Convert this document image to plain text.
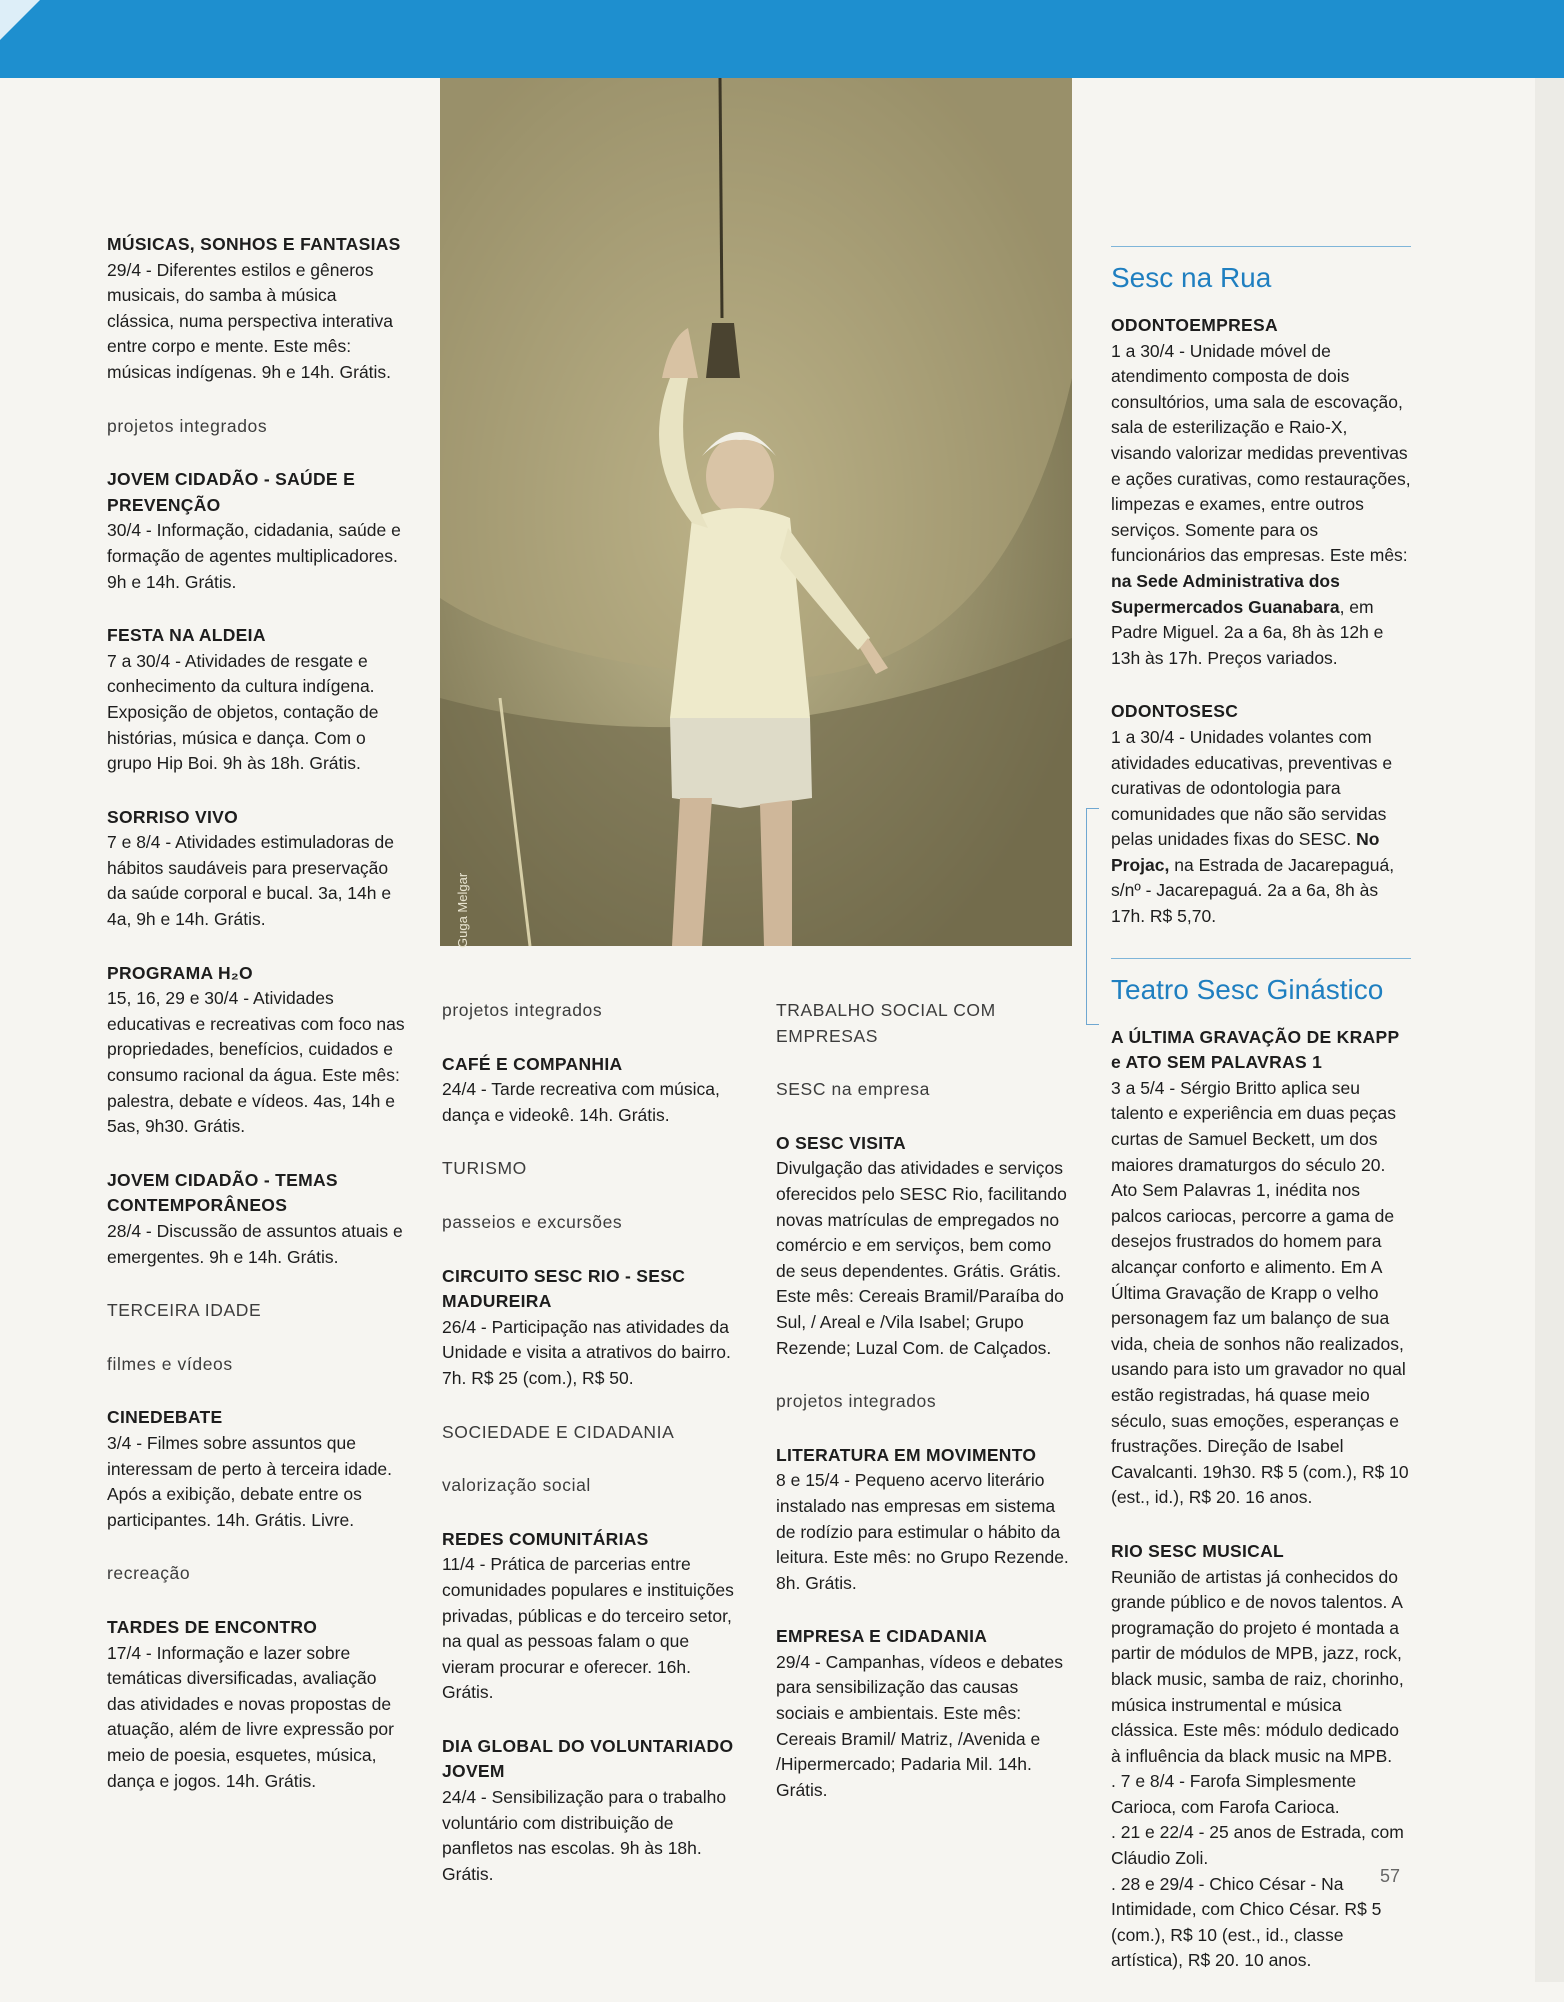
Guga Melgar
MÚSICAS, SONHOS E FANTASIAS
29/4 - Diferentes estilos e gêneros musicais, do samba à música clássica, numa perspectiva interativa entre corpo e mente. Este mês: músicas indígenas. 9h e 14h. Grátis.
projetos integrados
JOVEM CIDADÃO - SAÚDE E PREVENÇÃO
30/4 - Informação, cidadania, saúde e formação de agentes multiplicadores. 9h e 14h. Grátis.
FESTA NA ALDEIA
7 a 30/4 - Atividades de resgate e conhecimento da cultura indígena. Exposição de objetos, contação de histórias, música e dança. Com o grupo Hip Boi. 9h às 18h. Grátis.
SORRISO VIVO
7 e 8/4 - Atividades estimuladoras de hábitos saudáveis para preservação da saúde corporal e bucal. 3a, 14h e 4a, 9h e 14h. Grátis.
PROGRAMA H₂O
15, 16, 29 e 30/4 - Atividades educativas e recreativas com foco nas propriedades, benefícios, cuidados e consumo racional da água. Este mês: palestra, debate e vídeos. 4as, 14h e 5as, 9h30. Grátis.
JOVEM CIDADÃO - TEMAS CONTEMPORÂNEOS
28/4 - Discussão de assuntos atuais e emergentes. 9h e 14h. Grátis.
TERCEIRA IDADE
filmes e vídeos
CINEDEBATE
3/4 - Filmes sobre assuntos que interessam de perto à terceira idade. Após a exibição, debate entre os participantes. 14h. Grátis. Livre.
recreação
TARDES DE ENCONTRO
17/4 - Informação e lazer sobre temáticas diversificadas, avaliação das atividades e novas propostas de atuação, além de livre expressão por meio de poesia, esquetes, música, dança e jogos. 14h. Grátis.
projetos integrados
CAFÉ E COMPANHIA
24/4 - Tarde recreativa com música, dança e videokê. 14h. Grátis.
TURISMO
passeios e excursões
CIRCUITO SESC RIO - SESC MADUREIRA
26/4 - Participação nas atividades da Unidade e visita a atrativos do bairro. 7h. R$ 25 (com.), R$ 50.
SOCIEDADE E CIDADANIA
valorização social
REDES COMUNITÁRIAS
11/4 - Prática de parcerias entre comunidades populares e instituições privadas, públicas e do terceiro setor, na qual as pessoas falam o que vieram procurar e oferecer. 16h. Grátis.
DIA GLOBAL DO VOLUNTARIADO JOVEM
24/4 - Sensibilização para o trabalho voluntário com distribuição de panfletos nas escolas. 9h às 18h. Grátis.
TRABALHO SOCIAL COM EMPRESAS
SESC na empresa
O SESC VISITA
Divulgação das atividades e serviços oferecidos pelo SESC Rio, facilitando novas matrículas de empregados no comércio e em serviços, bem como de seus dependentes. Grátis. Grátis. Este mês: Cereais Bramil/Paraíba do Sul, / Areal e /Vila Isabel; Grupo Rezende; Luzal Com. de Calçados.
projetos integrados
LITERATURA EM MOVIMENTO
8 e 15/4 - Pequeno acervo literário instalado nas empresas em sistema de rodízio para estimular o hábito da leitura. Este mês: no Grupo Rezende. 8h. Grátis.
EMPRESA E CIDADANIA
29/4 - Campanhas, vídeos e debates para sensibilização das causas sociais e ambientais. Este mês: Cereais Bramil/ Matriz, /Avenida e /Hipermercado; Padaria Mil. 14h. Grátis.
Sesc na Rua
ODONTOEMPRESA
1 a 30/4 - Unidade móvel de atendimento composta de dois consultórios, uma sala de escovação, sala de esterilização e Raio-X, visando valorizar medidas preventivas e ações curativas, como restaurações, limpezas e exames, entre outros serviços. Somente para os funcionários das empresas. Este mês: na Sede Administrativa dos Supermercados Guanabara, em Padre Miguel. 2a a 6a, 8h às 12h e 13h às 17h. Preços variados.
ODONTOSESC
1 a 30/4 - Unidades volantes com atividades educativas, preventivas e curativas de odontologia para comunidades que não são servidas pelas unidades fixas do SESC. No Projac, na Estrada de Jacarepaguá, s/nº - Jacarepaguá. 2a a 6a, 8h às 17h. R$ 5,70.
Teatro Sesc Ginástico
A ÚLTIMA GRAVAÇÃO DE KRAPP e ATO SEM PALAVRAS 1
3 a 5/4 - Sérgio Britto aplica seu talento e experiência em duas peças curtas de Samuel Beckett, um dos maiores dramaturgos do século 20. Ato Sem Palavras 1, inédita nos palcos cariocas, percorre a gama de desejos frustrados do homem para alcançar conforto e alimento. Em A Última Gravação de Krapp o velho personagem faz um balanço de sua vida, cheia de sonhos não realizados, usando para isto um gravador no qual estão registradas, há quase meio século, suas emoções, esperanças e frustrações. Direção de Isabel Cavalcanti. 19h30. R$ 5 (com.), R$ 10 (est., id.), R$ 20. 16 anos.
RIO SESC MUSICAL
Reunião de artistas já conhecidos do grande público e de novos talentos. A programação do projeto é montada a partir de módulos de MPB, jazz, rock, black music, samba de raiz, chorinho, música instrumental e música clássica. Este mês: módulo dedicado à influência da black music na MPB.
. 7 e 8/4 - Farofa Simplesmente Carioca, com Farofa Carioca.
. 21 e 22/4 - 25 anos de Estrada, com Cláudio Zoli.
. 28 e 29/4 - Chico César - Na Intimidade, com Chico César. R$ 5 (com.), R$ 10 (est., id., classe artística), R$ 20. 10 anos.
57
